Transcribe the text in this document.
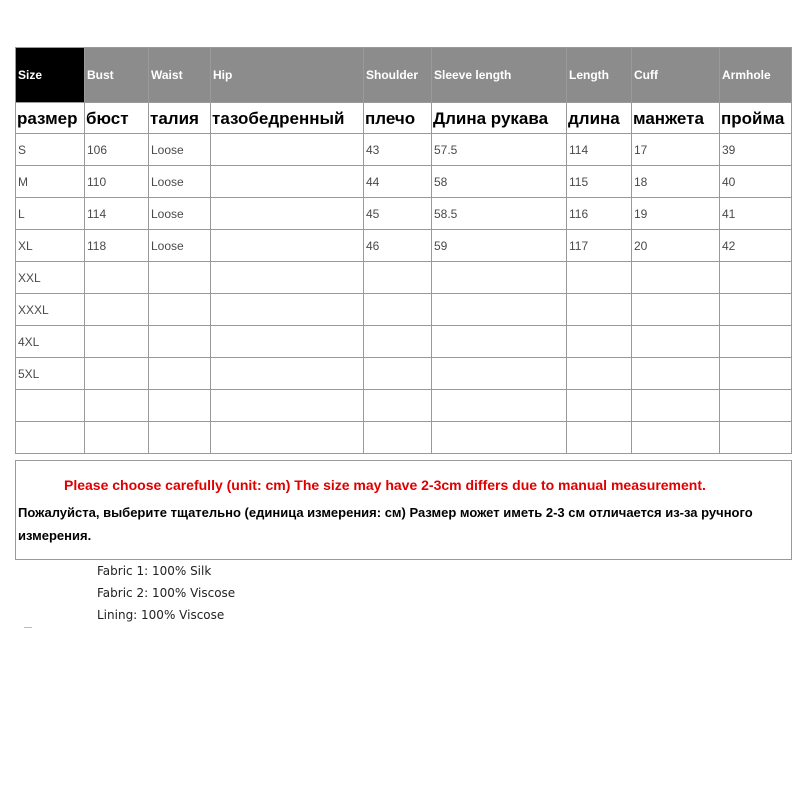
Size	Bust	Waist	Hip	Shoulder	Sleeve length	Length	Cuff	Armhole
размер	бюст	талия	тазобедренный	плечо	Длина рукава	длина	манжета	пройма
S	106	Loose		43	57.5	114	17	39
M	110	Loose		44	58	115	18	40
L	114	Loose		45	58.5	116	19	41
XL	118	Loose		46	59	117	20	42
XXL								
XXXL								
4XL								
5XL								

Please choose carefully (unit: cm) The size may have 2-3cm differs due to manual measurement.
Пожалуйста, выберите тщательно (единица измерения: см) Размер может иметь 2-3 см отличается из-за ручного измерения.
Fabric 1: 100% Silk
Fabric 2: 100% Viscose
Lining: 100% Viscose
